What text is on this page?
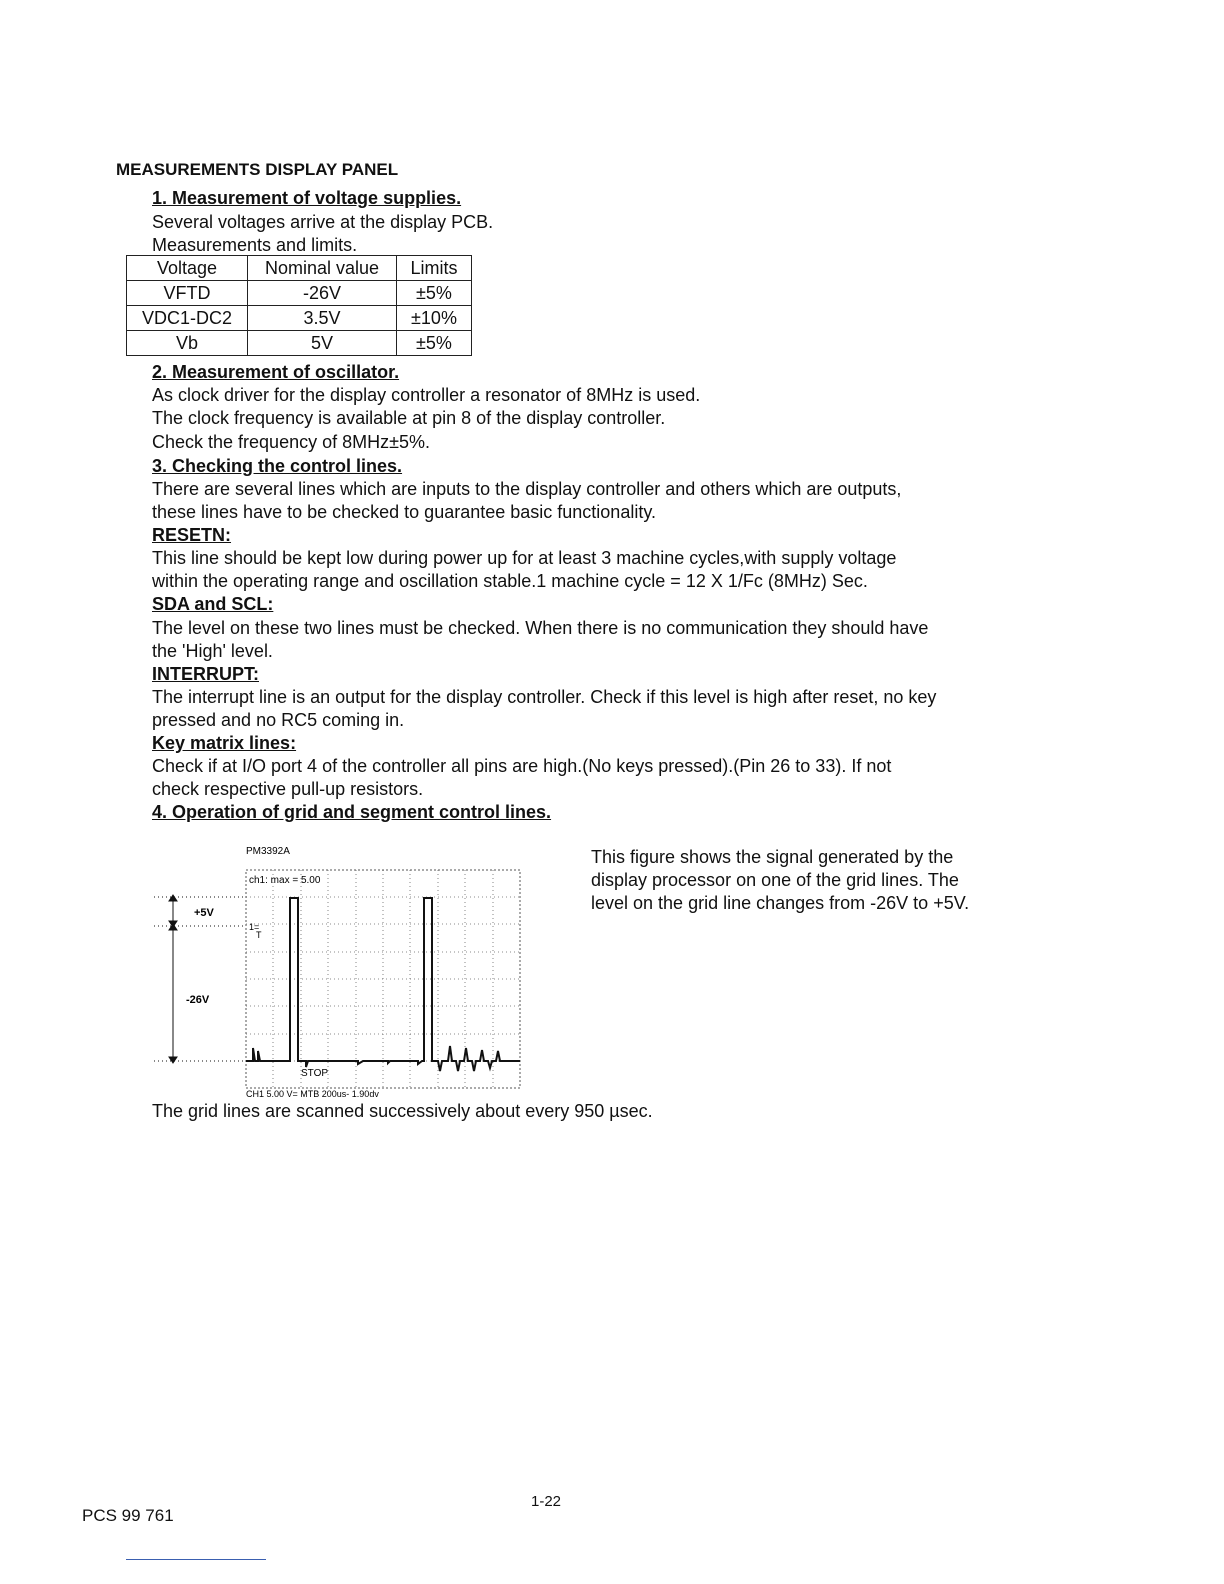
MEASUREMENTS DISPLAY PANEL
1. Measurement of voltage supplies.
Several voltages arrive at the display PCB.
Measurements and limits.
Voltage	Nominal value	Limits
VFTD	-26V	±5%
VDC1-DC2	3.5V	±10%
Vb	5V	±5%
2. Measurement of oscillator.
As clock driver for the display controller a resonator of 8MHz is used.
The clock frequency is available at pin 8 of the display controller.
Check the frequency of 8MHz±5%.
3. Checking the control lines.
There are several lines which are inputs to the display controller and others which are outputs,
these lines have to be checked to guarantee basic functionality.
RESETN:
This line should be kept low during power up for at least 3 machine cycles,with supply voltage
within the operating range and oscillation stable.1 machine cycle = 12 X 1/Fc (8MHz) Sec.
SDA and SCL:
The level on these two lines must be checked. When there is no communication they should have
the 'High' level.
INTERRUPT:
The interrupt line is an output for the display controller. Check if this level is high after reset, no key
pressed and no RC5 coming in.
Key matrix lines:
Check if at I/O port 4 of the controller all pins are high.(No keys pressed).(Pin 26 to 33). If not
check respective pull-up resistors.
4. Operation of grid and segment control lines.
PM3392A
ch1: max = 5.00
1=
T
STOP
CH1 5.00 V= MTB 200us- 1.90dv
+5V
-26V
This figure shows the signal generated by the
display processor on one of the grid lines. The
level on the grid line changes from -26V to +5V.
The grid lines are scanned successively about every 950 µsec.
PCS 99 761
1-22
